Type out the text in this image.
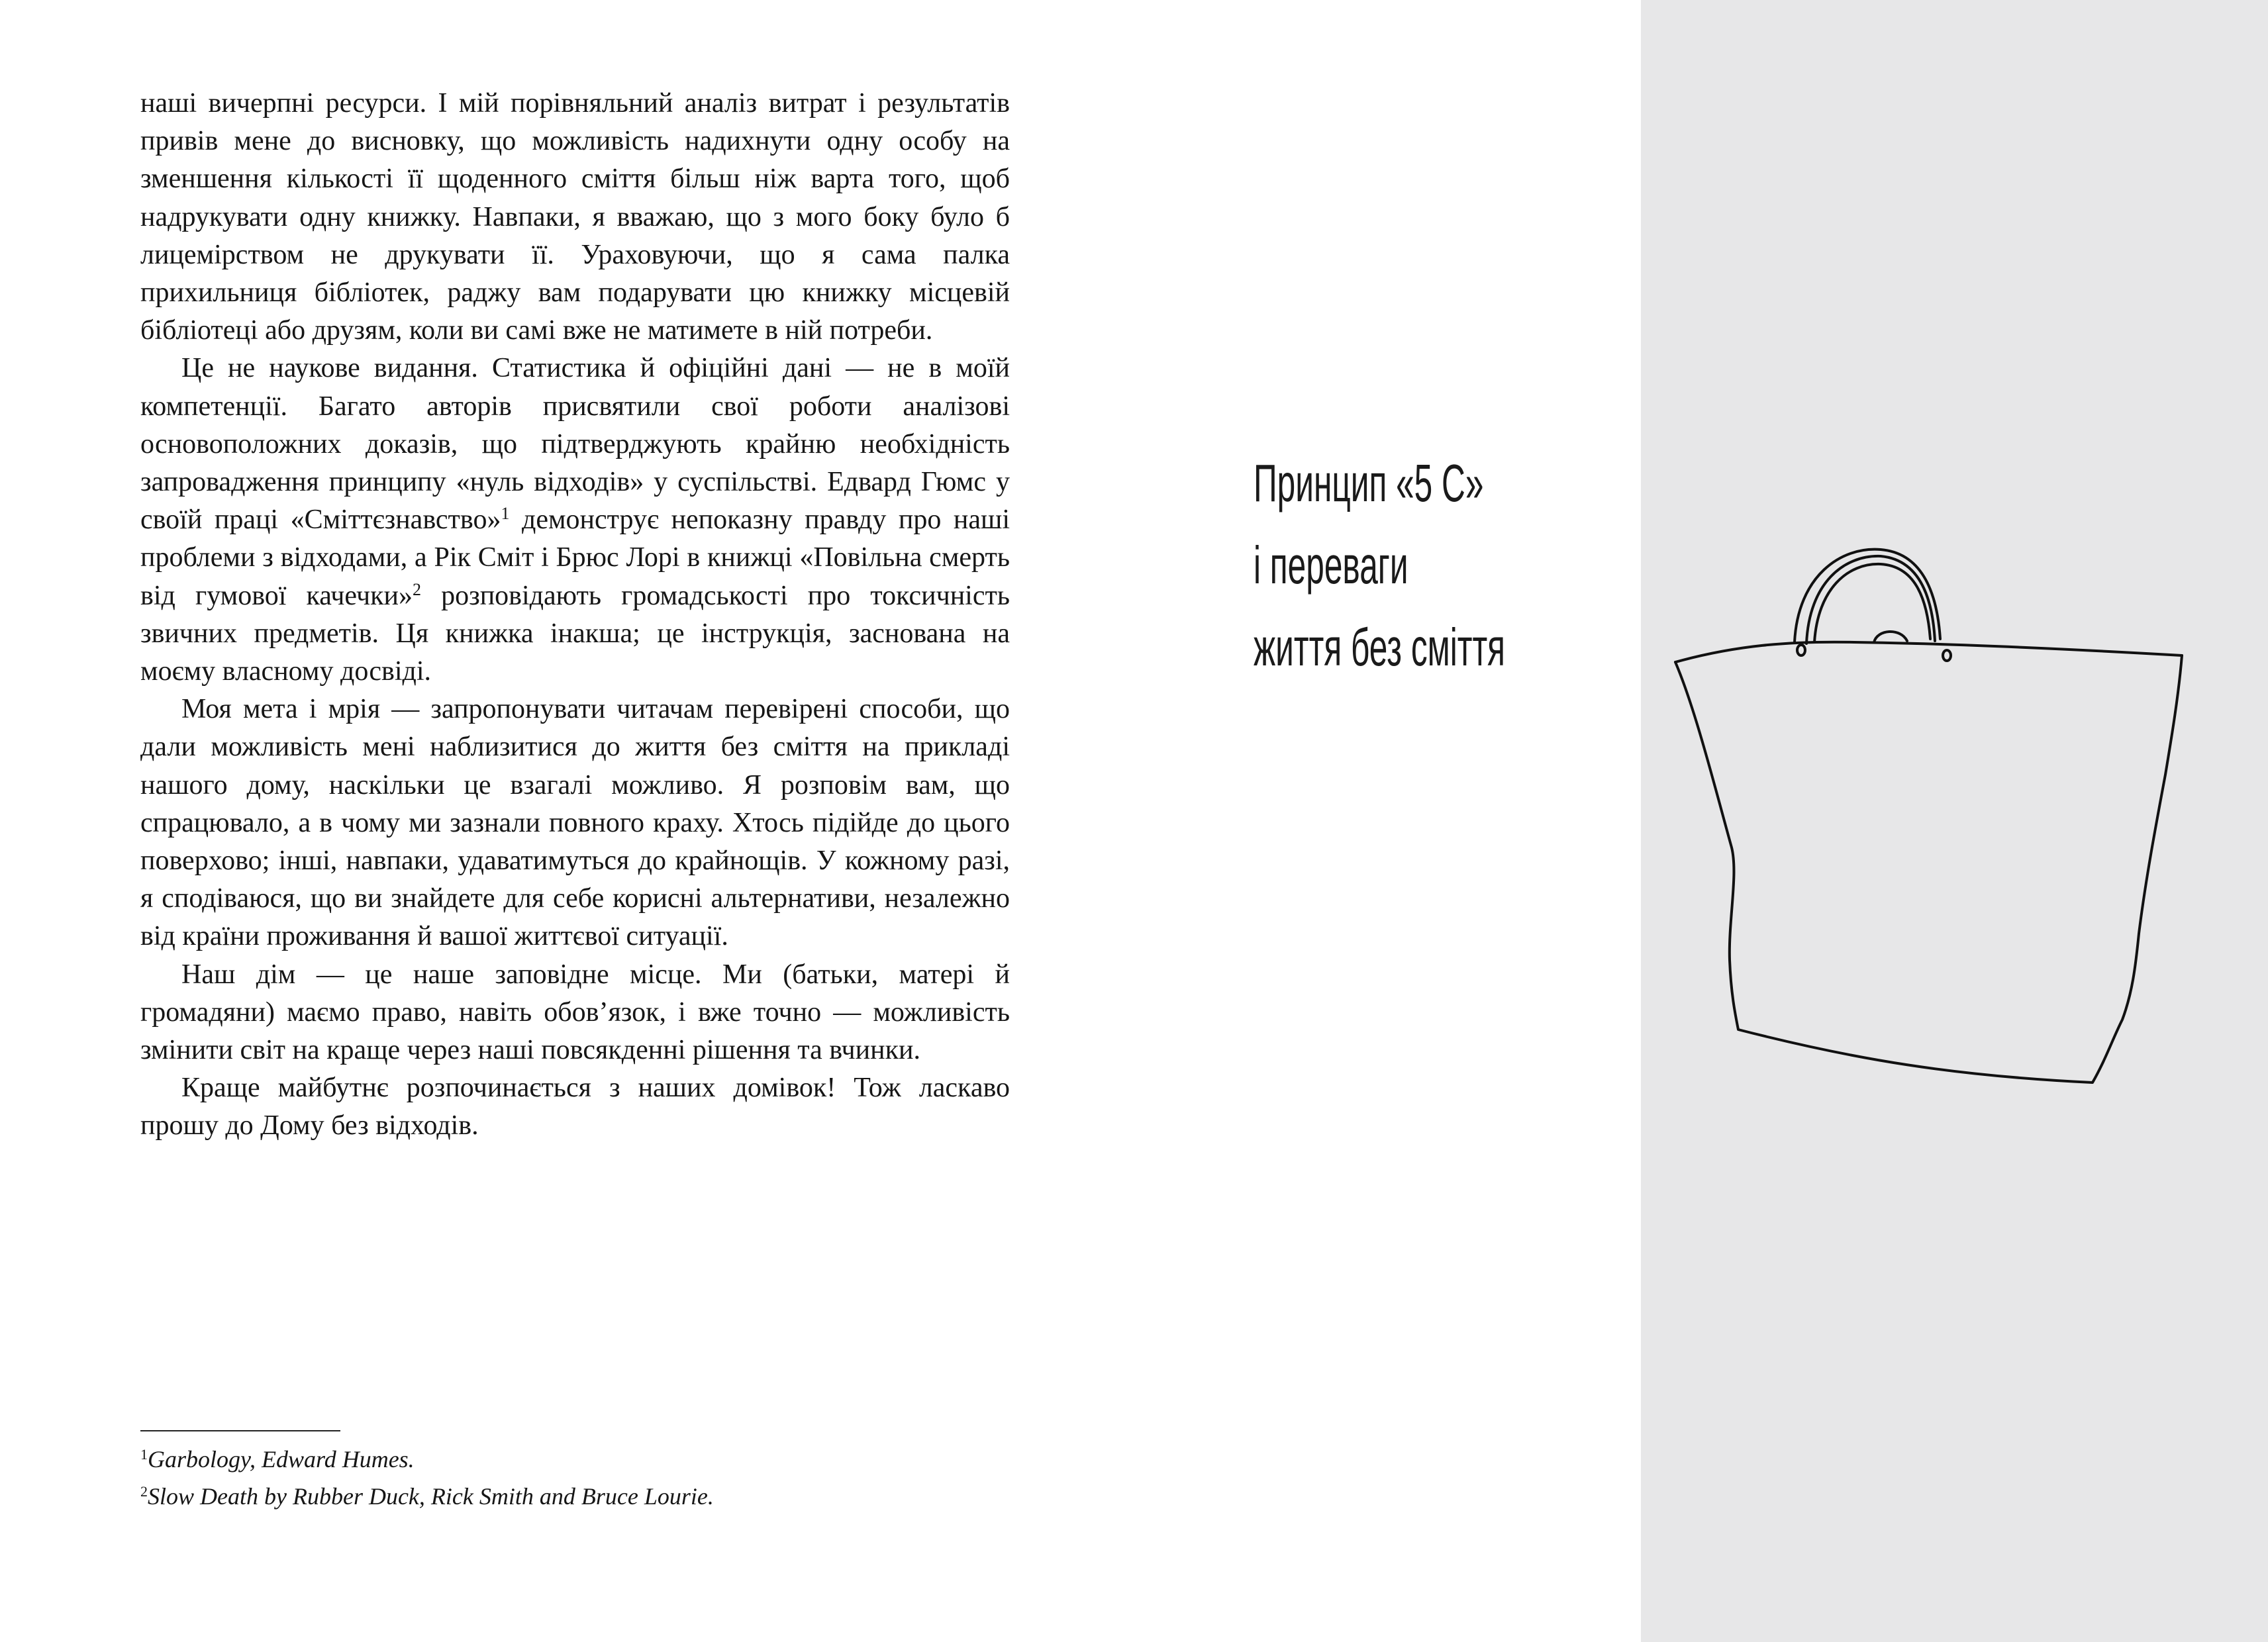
наші вичерпні ресурси. І мій порівняльний аналіз витрат і результатів привів мене до висновку, що можливість надихнути одну особу на зменшення кількості її щоденного сміття більш ніж варта того, щоб надрукувати одну книжку. Навпаки, я вважаю, що з мого боку було б лицемірством не друкувати її. Ураховуючи, що я сама палка прихильниця бібліотек, раджу вам подарувати цю книжку місцевій бібліотеці або друзям, коли ви самі вже не матимете в ній потреби.

Це не наукове видання. Статистика й офіційні дані — не в моїй компетенції. Багато авторів присвятили свої роботи аналізові основоположних доказів, що підтверджують крайню необхідність запровадження принципу «нуль відходів» у суспільстві. Едвард Гюмс у своїй праці «Сміттєзнавство»$^1$ демонструє непоказну правду про наші проблеми з відходами, а Рік Сміт і Брюс Лорі в книжці «Повільна смерть від гумової качечки»$^2$ розповідають громадськості про токсичність звичних предметів. Ця книжка інакша; це інструкція, заснована на моєму власному досвіді.

Моя мета і мрія — запропонувати читачам перевірені способи, що дали можливість мені наблизитися до життя без сміття на прикладі нашого дому, наскільки це взагалі можливо. Я розповім вам, що спрацювало, а в чому ми зазнали повного краху. Хтось підійде до цього поверхово; інші, навпаки, удаватимуться до крайнощів. У кожному разі, я сподіваюся, що ви знайдете для себе корисні альтернативи, незалежно від країни проживання й вашої життєвої ситуації.

Наш дім — це наше заповідне місце. Ми (батьки, матері й громадяни) маємо право, навіть обов’язок, і вже точно — можливість змінити світ на краще через наші повсякденні рішення та вчинки.

Краще майбутнє розпочинається з наших домівок! Тож ласкаво прошу до Дому без відходів.

$^1$Garbology, Edward Humes.
$^2$Slow Death by Rubber Duck, Rick Smith and Bruce Lourie.
Принцип «5 С»
і переваги
життя без сміття
